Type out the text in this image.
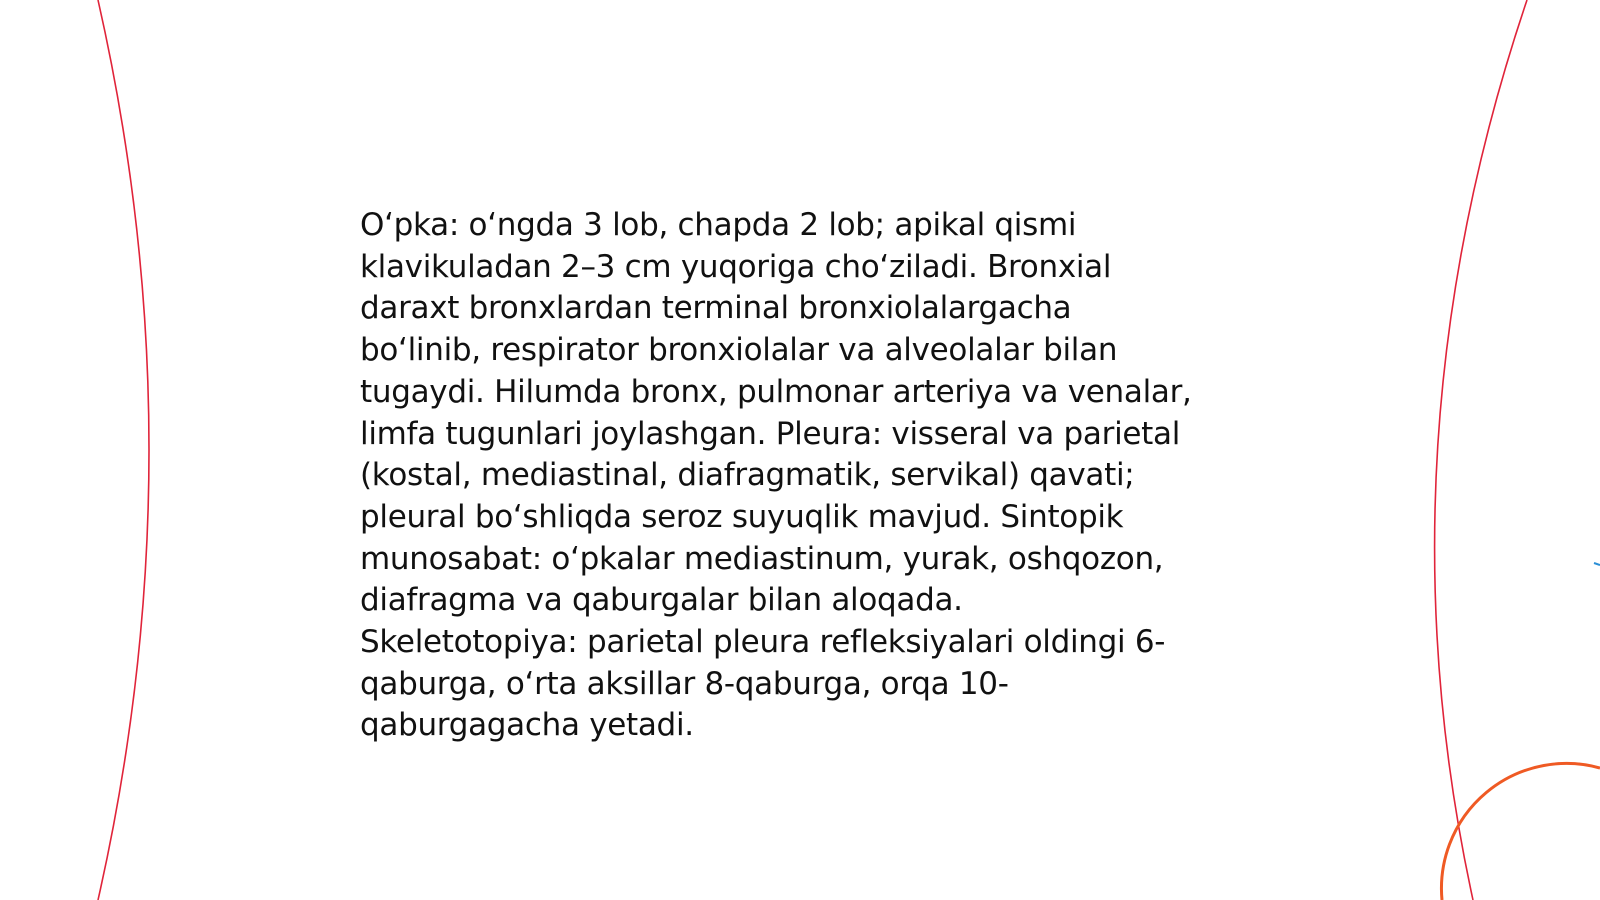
O‘pka: o‘ngda 3 lob, chapda 2 lob; apikal qismi
klavikuladan 2–3 cm yuqoriga cho‘ziladi. Bronxial
daraxt bronxlardan terminal bronxiolalargacha
bo‘linib, respirator bronxiolalar va alveolalar bilan
tugaydi. Hilumda bronx, pulmonar arteriya va venalar,
limfa tugunlari joylashgan. Pleura: visseral va parietal
(kostal, mediastinal, diafragmatik, servikal) qavati;
pleural bo‘shliqda seroz suyuqlik mavjud. Sintopik
munosabat: o‘pkalar mediastinum, yurak, oshqozon,
diafragma va qaburgalar bilan aloqada.
Skeletotopiya: parietal pleura refleksiyalari oldingi 6-
qaburga, o‘rta aksillar 8-qaburga, orqa 10-
qaburgagacha yetadi.
